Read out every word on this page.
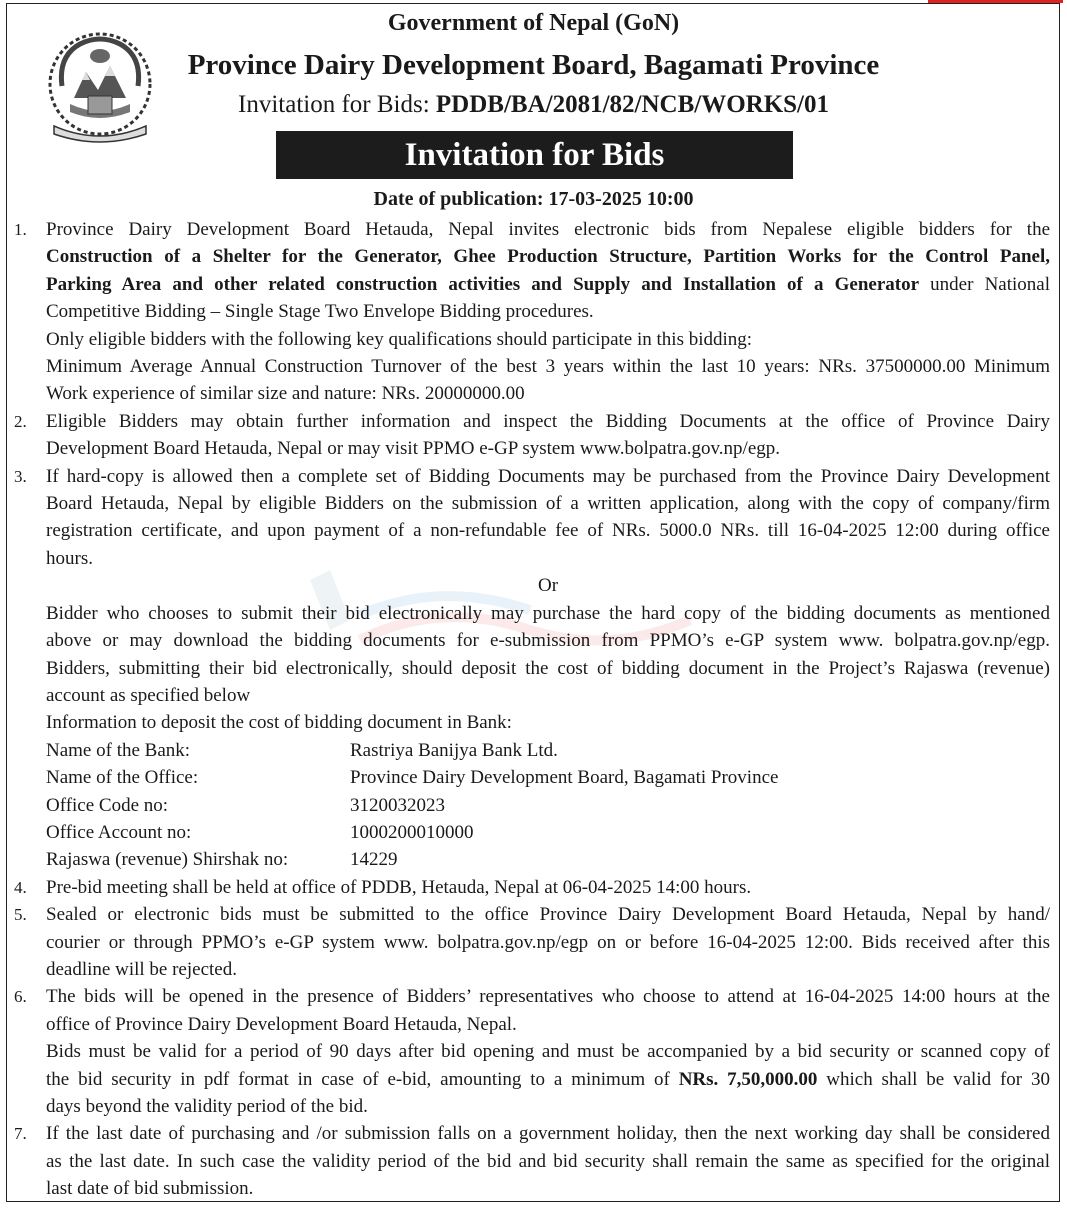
Government of Nepal (GoN)
Province Dairy Development Board, Bagamati Province
Invitation for Bids: PDDB/BA/2081/82/NCB/WORKS/01
Invitation for Bids
Date of publication: 17-03-2025 10:00
1. Province Dairy Development Board Hetauda, Nepal invites electronic bids from Nepalese eligible bidders for the
Construction of a Shelter for the Generator, Ghee Production Structure, Partition Works for the Control Panel,
Parking Area and other related construction activities and Supply and Installation of a Generator under National
Competitive Bidding – Single Stage Two Envelope Bidding procedures.
Only eligible bidders with the following key qualifications should participate in this bidding:
Minimum Average Annual Construction Turnover of the best 3 years within the last 10 years: NRs. 37500000.00 Minimum
Work experience of similar size and nature: NRs. 20000000.00
2. Eligible Bidders may obtain further information and inspect the Bidding Documents at the office of Province Dairy
Development Board Hetauda, Nepal or may visit PPMO e-GP system www.bolpatra.gov.np/egp.
3. If hard-copy is allowed then a complete set of Bidding Documents may be purchased from the Province Dairy Development
Board Hetauda, Nepal by eligible Bidders on the submission of a written application, along with the copy of company/firm
registration certificate, and upon payment of a non-refundable fee of NRs. 5000.0 NRs. till 16-04-2025 12:00 during office
hours.
Or
Bidder who chooses to submit their bid electronically may purchase the hard copy of the bidding documents as mentioned
above or may download the bidding documents for e-submission from PPMO’s e-GP system www. bolpatra.gov.np/egp.
Bidders, submitting their bid electronically, should deposit the cost of bidding document in the Project’s Rajaswa (revenue)
account as specified below
Information to deposit the cost of bidding document in Bank:
Name of the Bank:	Rastriya Banijya Bank Ltd.
Name of the Office:	Province Dairy Development Board, Bagamati Province
Office Code no:	3120032023
Office Account no:	1000200010000
Rajaswa (revenue) Shirshak no:	14229
4. Pre-bid meeting shall be held at office of PDDB, Hetauda, Nepal at 06-04-2025 14:00 hours.
5. Sealed or electronic bids must be submitted to the office Province Dairy Development Board Hetauda, Nepal by hand/
courier or through PPMO’s e-GP system www. bolpatra.gov.np/egp on or before 16-04-2025 12:00. Bids received after this
deadline will be rejected.
6. The bids will be opened in the presence of Bidders’ representatives who choose to attend at 16-04-2025 14:00 hours at the
office of Province Dairy Development Board Hetauda, Nepal.
Bids must be valid for a period of 90 days after bid opening and must be accompanied by a bid security or scanned copy of
the bid security in pdf format in case of e-bid, amounting to a minimum of NRs. 7,50,000.00 which shall be valid for 30
days beyond the validity period of the bid.
7. If the last date of purchasing and /or submission falls on a government holiday, then the next working day shall be considered
as the last date. In such case the validity period of the bid and bid security shall remain the same as specified for the original
last date of bid submission.
